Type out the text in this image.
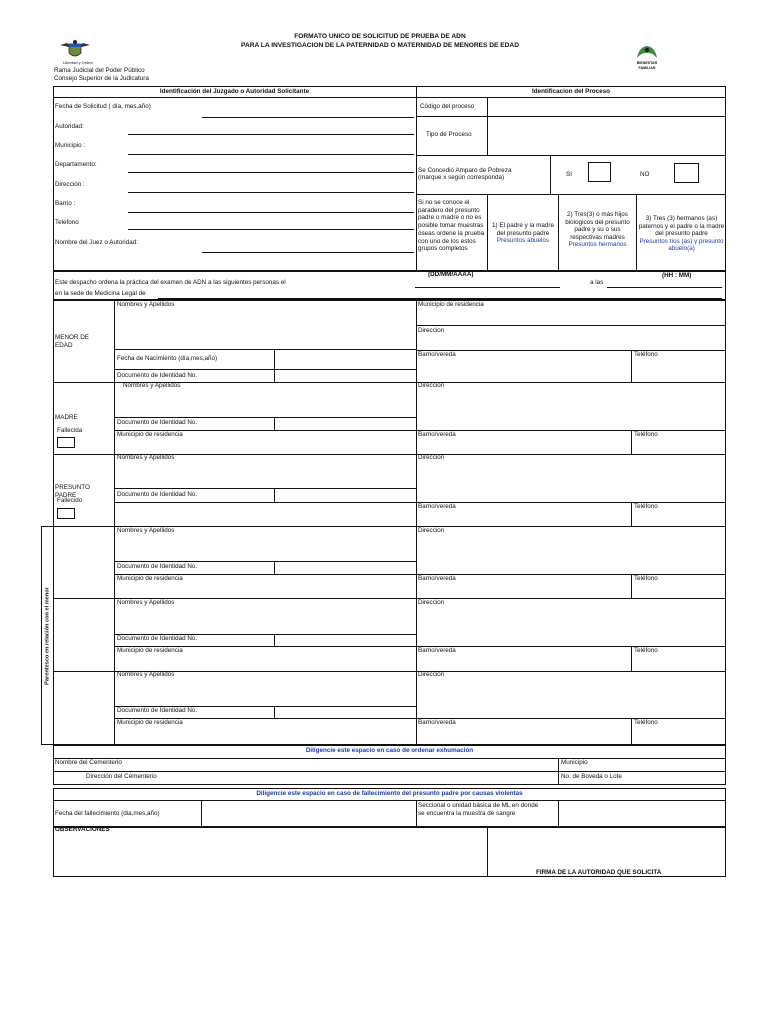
FORMATO UNICO DE SOLICITUD DE PRUEBA DE ADN
PARA LA INVESTIGACION DE LA PATERNIDAD O MATERNIDAD DE MENORES DE EDAD
Libertad y Orden
Rama Judicial del Poder Público
Consejo Superior de la Judicatura
BIENESTAR FAMILIAR
Identificación del Juzgado o Autoridad Solicitante	Identificacion del Proceso
Fecha de Solicitud ( día, mes,año)
Autoridad:
Municipio :
Departamento:
Dirección :
Barrio :
Telefono
Nombre del Juez o Autoridad:
Código del proceso
Tipo de Proceso
Se Concedió Amparo de Pobreza
(marque x según corresponda)	SI	NO
Si no se conoce el paradero del presunto padre o madre o no es posible tomar muestras óseas ordene la prueba con uno de los estos grupos completos
1) El padre y la madre del presunto padre
Presuntos abuelos
2) Tres(3) o más hijos biologicos del presunto padre y su o sus respectivas madres
Presuntos hermanos
3) Tres (3) hermanos (as) paternos y el padre o la madre del presunto padre
Presuntos tíos (as) y presunto abuelo(a)
(DD/MM/AAAA)	(HH : MM)
Este despacho ordena la práctica del examen de ADN a las siguientes personas el	a las
en la sede de Medicina Legal de
MENOR DE EDAD
Nombres y Apellidos
Fecha de Nacimiento (día,mes,año)
Documento de Identidad No.
Municipio de residencia
Direccion
Barrio/vereda	Teléfono
MADRE
Fallecida
Nombres y Apellidos
Documento de Identidad No.
Municipio de residencia
Direccion
Barrio/vereda	Teléfono
PRESUNTO PADRE
Fallecido
Nombres y Apellidos
Documento de Identidad No.
Direccion
Barrio/vereda	Teléfono
Parentesco en relación con el menor
Nombres y Apellidos
Documento de Identidad No.
Municipio de residencia
Direccion
Barrio/vereda	Teléfono
Nombres y Apellidos
Documento de Identidad No.
Municipio de residencia
Direccion
Barrio/vereda	Teléfono
Nombres y Apellidos
Documento de Identidad No.
Municipio de residencia
Direccion
Barrio/vereda	Teléfono
Diligencie este espacio en caso de ordenar exhumación
Nombre del Cementerio	Municipio
Dirección del Cementerio	No. de Boveda o Lote
Diligencie este espacio en caso de fallecimiento del presunto padre por causas violentas
Fecha del fallecimiento (dia,mes,año)
Seccional o unidad básica de ML en donde
se encuentra la muestra de sangre
OBSERVACIONES
FIRMA DE LA AUTORIDAD QUE SOLICITA
